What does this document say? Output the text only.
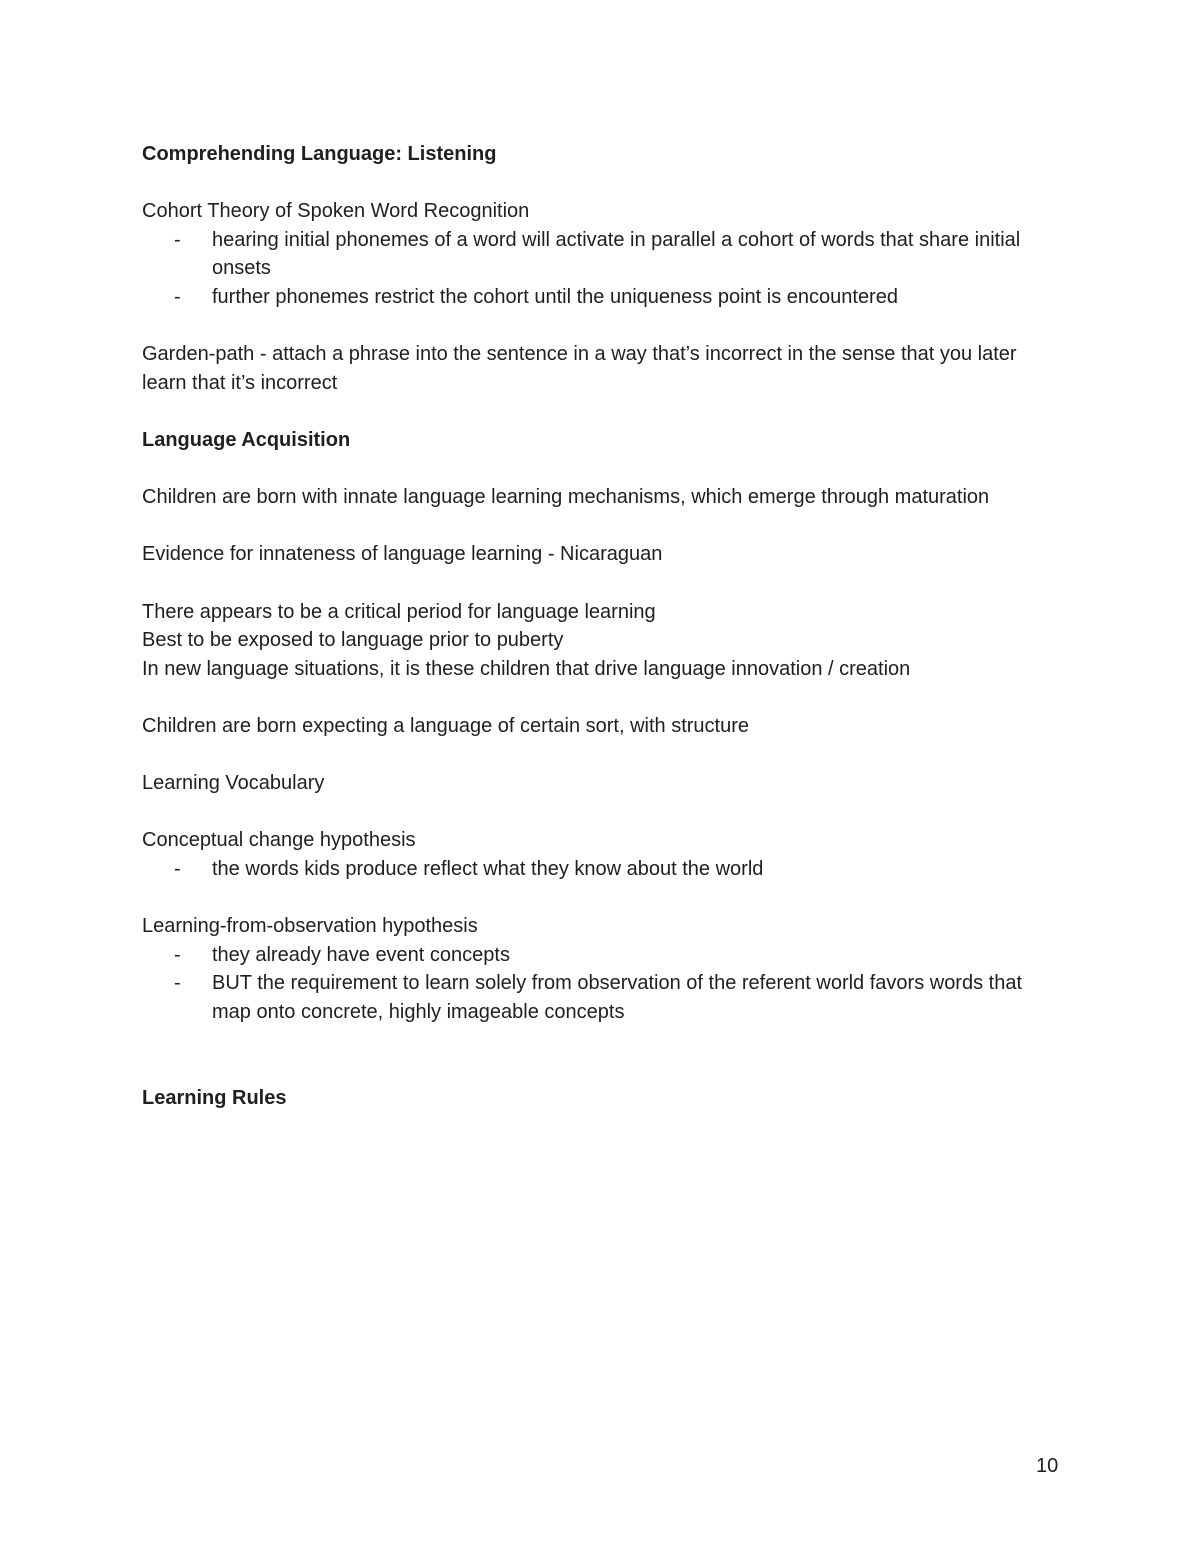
Comprehending Language: Listening

Cohort Theory of Spoken Word Recognition

- hearing initial phonemes of a word will activate in parallel a cohort of words that share initial onsets
- further phonemes restrict the cohort until the uniqueness point is encountered

Garden-path - attach a phrase into the sentence in a way that’s incorrect in the sense that you later learn that it’s incorrect

Language Acquisition

Children are born with innate language learning mechanisms, which emerge through maturation

Evidence for innateness of language learning - Nicaraguan

There appears to be a critical period for language learning

Best to be exposed to language prior to puberty

In new language situations, it is these children that drive language innovation / creation

Children are born expecting a language of certain sort, with structure

Learning Vocabulary

Conceptual change hypothesis

- the words kids produce reflect what they know about the world

Learning-from-observation hypothesis

- they already have event concepts
- BUT the requirement to learn solely from observation of the referent world favors words that map onto concrete, highly imageable concepts

Learning Rules

10
